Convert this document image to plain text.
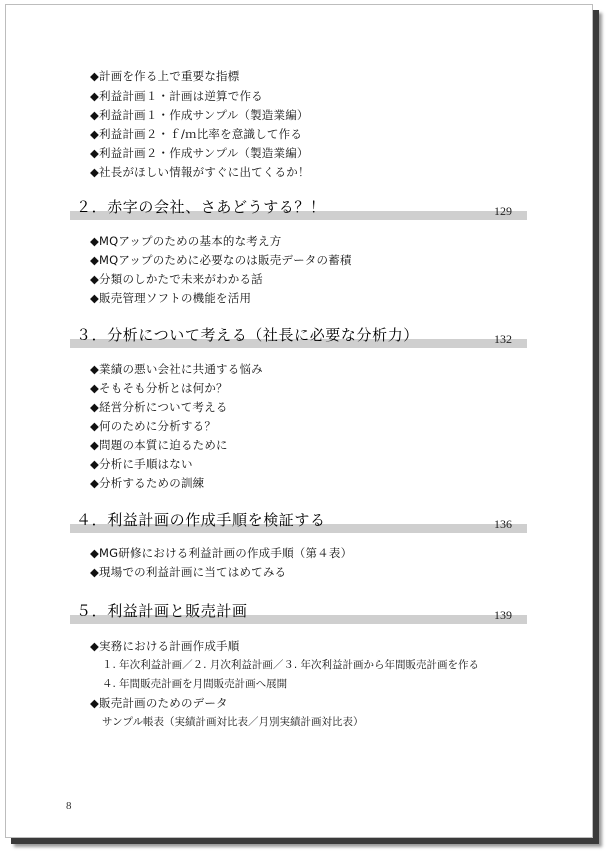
◆計画を作る上で重要な指標
◆利益計画１・計画は逆算で作る
◆利益計画１・作成サンプル（製造業編）
◆利益計画２・ｆ/ｍ比率を意識して作る
◆利益計画２・作成サンプル（製造業編）
◆社長がほしい情報がすぐに出てくるか！
２．赤字の会社、さあどうする？！	129
◆MQアップのための基本的な考え方
◆MQアップのために必要なのは販売データの蓄積
◆分類のしかたで未来がわかる話
◆販売管理ソフトの機能を活用
３．分析について考える（社長に必要な分析力）	132
◆業績の悪い会社に共通する悩み
◆そもそも分析とは何か？
◆経営分析について考える
◆何のために分析する？
◆問題の本質に迫るために
◆分析に手順はない
◆分析するための訓練
４．利益計画の作成手順を検証する	136
◆MG研修における利益計画の作成手順（第４表）
◆現場での利益計画に当てはめてみる
５．利益計画と販売計画	139
◆実務における計画作成手順
１. 年次利益計画／２. 月次利益計画／３. 年次利益計画から年間販売計画を作る
４. 年間販売計画を月間販売計画へ展開
◆販売計画のためのデータ
サンプル帳表（実績計画対比表／月別実績計画対比表）
8
